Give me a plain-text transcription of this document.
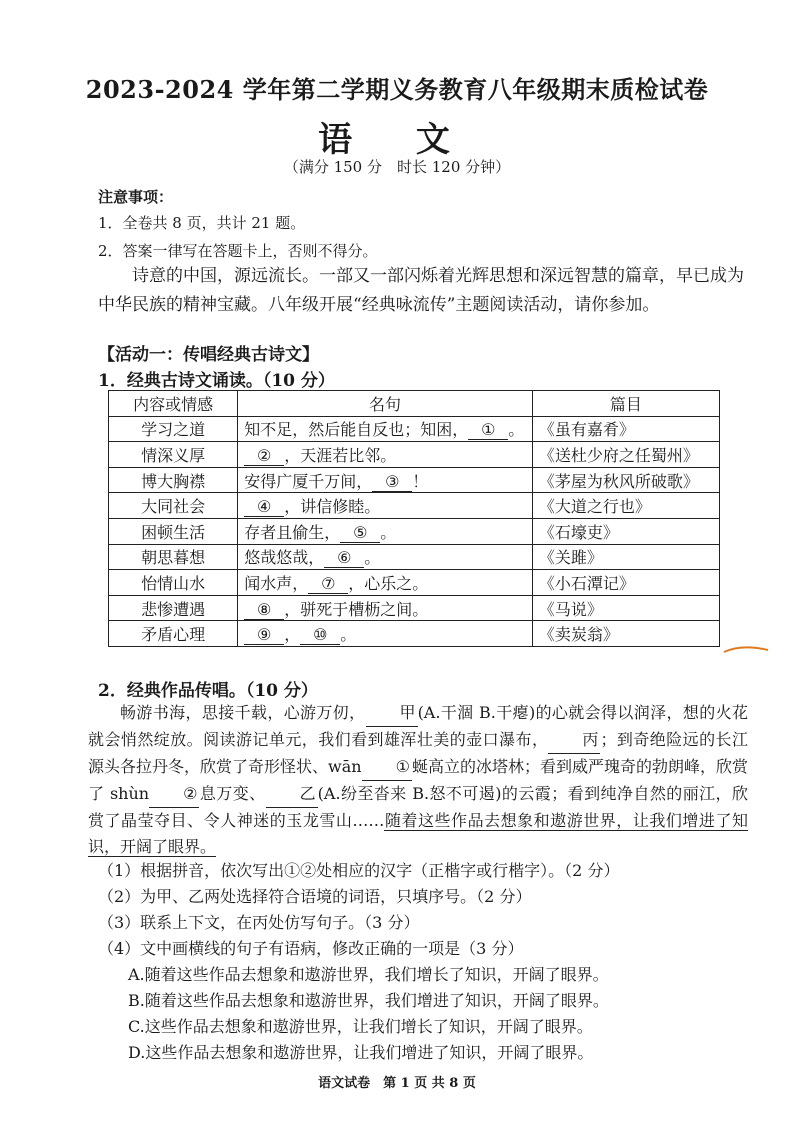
2023-2024 学年第二学期义务教育八年级期末质检试卷
语 文
（满分 150 分　时长 120 分钟）
注意事项：
1．全卷共 8 页，共计 21 题。
2．答案一律写在答题卡上，否则不得分。
诗意的中国，源远流长。一部又一部闪烁着光辉思想和深远智慧的篇章，早已成为中华民族的精神宝藏。八年级开展“经典咏流传”主题阅读活动，请你参加。
【活动一：传唱经典古诗文】
1．经典古诗文诵读。（10 分）
内容或情感	名句	篇目
学习之道	知不足，然后能自反也；知困， ① 。	《虽有嘉肴》
情深义厚	② ，天涯若比邻。	《送杜少府之任蜀州》
博大胸襟	安得广厦千万间， ③ ！	《茅屋为秋风所破歌》
大同社会	④ ，讲信修睦。	《大道之行也》
困顿生活	存者且偷生， ⑤ 。	《石壕吏》
朝思暮想	悠哉悠哉， ⑥ 。	《关雎》
怡情山水	闻水声， ⑦ ，心乐之。	《小石潭记》
悲惨遭遇	⑧ ，骈死于槽枥之间。	《马说》
矛盾心理	⑨ ， ⑩ 。	《卖炭翁》
2．经典作品传唱。（10 分）
畅游书海，思接千载，心游万仞， 甲 (A.干涸 B.干瘪)的心就会得以润泽，想的火花就会悄然绽放。阅读游记单元，我们看到雄浑壮美的壶口瀑布， 丙 ；到奇绝险远的长江源头各拉丹冬，欣赏了奇形怪状、wān ① 蜒高立的冰塔林；看到威严瑰奇的勃朗峰，欣赏了 shùn ② 息万变、 乙 (A.纷至沓来 B.怒不可遏)的云霞；看到纯净自然的丽江，欣赏了晶莹夺目、令人神迷的玉龙雪山……随着这些作品去想象和遨游世界，让我们增进了知识，开阔了眼界。
（1）根据拼音，依次写出①②处相应的汉字（正楷字或行楷字）。（2 分）
（2）为甲、乙两处选择符合语境的词语，只填序号。（2 分）
（3）联系上下文，在丙处仿写句子。（3 分）
（4）文中画横线的句子有语病，修改正确的一项是（3 分）
A.随着这些作品去想象和遨游世界，我们增长了知识，开阔了眼界。
B.随着这些作品去想象和遨游世界，我们增进了知识，开阔了眼界。
C.这些作品去想象和遨游世界，让我们增长了知识，开阔了眼界。
D.这些作品去想象和遨游世界，让我们增进了知识，开阔了眼界。
语文试卷　第 1 页 共 8 页
